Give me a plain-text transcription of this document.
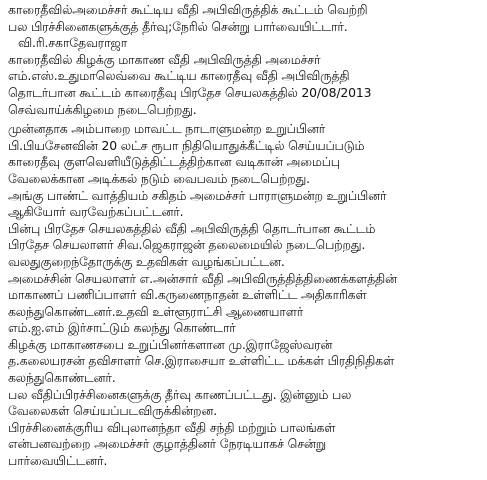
காரைதீவில்அமைச்சர் கூட்டிய வீதி அபிவிருத்திக் கூட்டம் வெற்றி
பல பிரச்சினைகளுக்குத் தீர்வு;நேரில் சென்று பார்வையிட்டார்.
வி.ரி.சகாதேவராஜா
காரைதீவில் கிழக்கு மாகாண வீதி அபிவிருத்தி அமைச்சர்
எம்.எஸ்.உதுமாலெவ்வை கூட்டிய காரைதீவு வீதி அபிவிருத்தி
தொடர்பான கூட்டம் காரைதீவு பிரதேச செயலகத்தில் 20/08/2013
செவ்வாய்க்கிழமை நடைபெற்றது.
முன்னதாக அம்பாறை மாவட்ட நாடாளுமன்ற உறுப்பினர்
பி.பியசேனவின் 20 லட்ச ரூபா நிதியொதுக்கீட்டில் செய்யப்படும்
காரைதீவு குளவெளியீடுத்திட்டத்திற்கான வடிகான் அமைப்பு
வேலைக்கான அடிக்கல் நடும் வைபவம் நடைபெற்றது.
அங்கு பாண்ட் வாத்தியம் சகிதம் அமைச்சர் பாராளுமன்ற உறுப்பினர்
ஆகியோர் வரவேற்கப்பட்டனர்.
பின்பு பிரதேச செயலகத்தில் வீதி அபிவிருத்தி தொடர்பான கூட்டம்
பிரதேச செயலாளர் சிவ.ஜெகராஜன் தலைமையில் நடைபெற்றது.
வலதுகுறைந்தோருக்கு உதவிகள் வழங்கப்பட்டன.
அமைச்சின் செயலாளர் எ.அன்சார் வீதி அபிவிருத்தித்திணைக்களத்தின்
மாகாணப் பணிப்பாளர் வி.கருணைநாதன் உள்ளிட்ட அதிகாரிகள்
கலந்துகொண்டனர்.உதவி உள்ளூராட்சி ஆணையாளர்
எம்.ஐ.எம் இர்சாட்டும் கலந்து கொண்டார்
கிழக்கு மாகாணசபை உறுப்பினர்களான மு.இராஜேஸ்வரன்
த.கலையரசன் தவிசாளர் செ.இராசையா உள்ளிட்ட மக்கள் பிரதிநிதிகள்
கலந்துகொண்டனர்.
பல வீதிப்பிரச்சினைகளுக்கு தீர்வு காணப்பட்டது. இன்னும் பல
வேலைகள் செய்யப்படவிருக்கின்றன.
பிரச்சினைக்குரிய விபுலானந்தா வீதி சந்தி மற்றும் பாலங்கள்
என்பனவற்றை அமைச்சர் குழாத்தினர் நேரடியாகச் சென்று
பார்வையிட்டனர்.
